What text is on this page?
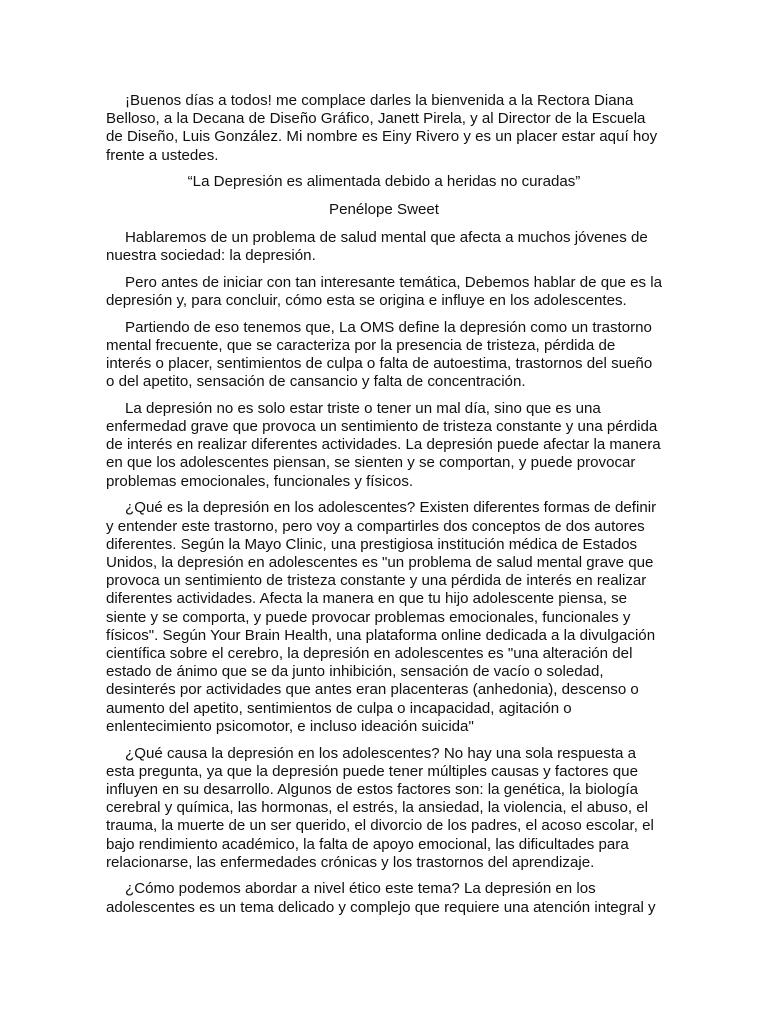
¡Buenos días a todos! me complace darles la bienvenida a la Rectora Diana Belloso, a la Decana de Diseño Gráfico, Janett Pirela, y al Director de la Escuela de Diseño, Luis González. Mi nombre es Einy Rivero y es un placer estar aquí hoy frente a ustedes.

“La Depresión es alimentada debido a heridas no curadas”

Penélope Sweet

Hablaremos de un problema de salud mental que afecta a muchos jóvenes de nuestra sociedad: la depresión.

Pero antes de iniciar con tan interesante temática, Debemos hablar de que es la depresión y, para concluir, cómo esta se origina e influye en los adolescentes.

Partiendo de eso tenemos que, La OMS define la depresión como un trastorno mental frecuente, que se caracteriza por la presencia de tristeza, pérdida de interés o placer, sentimientos de culpa o falta de autoestima, trastornos del sueño o del apetito, sensación de cansancio y falta de concentración.

La depresión no es solo estar triste o tener un mal día, sino que es una enfermedad grave que provoca un sentimiento de tristeza constante y una pérdida de interés en realizar diferentes actividades. La depresión puede afectar la manera en que los adolescentes piensan, se sienten y se comportan, y puede provocar problemas emocionales, funcionales y físicos.

¿Qué es la depresión en los adolescentes? Existen diferentes formas de definir y entender este trastorno, pero voy a compartirles dos conceptos de dos autores diferentes. Según la Mayo Clinic, una prestigiosa institución médica de Estados Unidos, la depresión en adolescentes es "un problema de salud mental grave que provoca un sentimiento de tristeza constante y una pérdida de interés en realizar diferentes actividades. Afecta la manera en que tu hijo adolescente piensa, se siente y se comporta, y puede provocar problemas emocionales, funcionales y físicos". Según Your Brain Health, una plataforma online dedicada a la divulgación científica sobre el cerebro, la depresión en adolescentes es "una alteración del estado de ánimo que se da junto inhibición, sensación de vacío o soledad, desinterés por actividades que antes eran placenteras (anhedonia), descenso o aumento del apetito, sentimientos de culpa o incapacidad, agitación o enlentecimiento psicomotor, e incluso ideación suicida"

¿Qué causa la depresión en los adolescentes? No hay una sola respuesta a esta pregunta, ya que la depresión puede tener múltiples causas y factores que influyen en su desarrollo. Algunos de estos factores son: la genética, la biología cerebral y química, las hormonas, el estrés, la ansiedad, la violencia, el abuso, el trauma, la muerte de un ser querido, el divorcio de los padres, el acoso escolar, el bajo rendimiento académico, la falta de apoyo emocional, las dificultades para relacionarse, las enfermedades crónicas y los trastornos del aprendizaje.

¿Cómo podemos abordar a nivel ético este tema? La depresión en los adolescentes es un tema delicado y complejo que requiere una atención integral y
